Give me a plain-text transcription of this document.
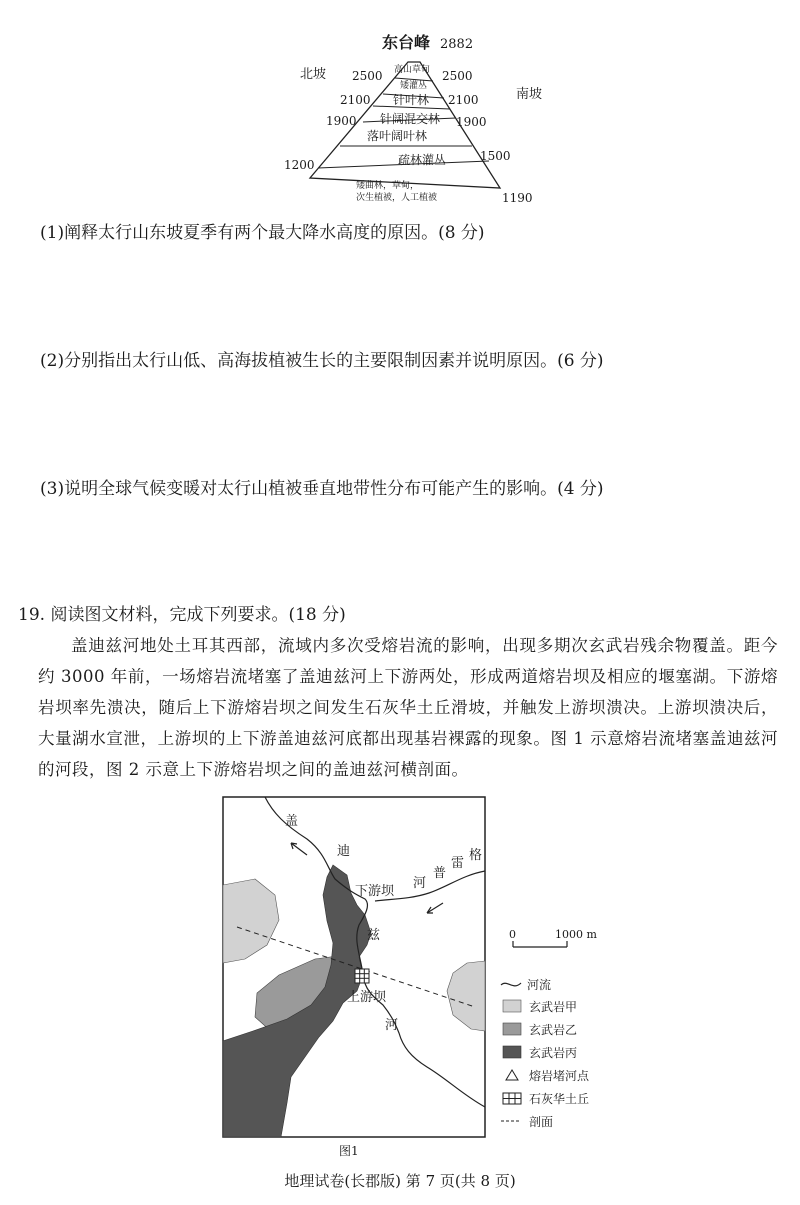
东台峰 2882
北坡
南坡
2500
2100
1900
1200
2500
2100
1900
1500
1190
高山草甸
矮灌丛
针叶林
针阔混交林
落叶阔叶林
疏林灌丛
矮曲林，草甸，
次生植被，人工植被
(1)阐释太行山东坡夏季有两个最大降水高度的原因。(8 分)
(2)分别指出太行山低、高海拔植被生长的主要限制因素并说明原因。(6 分)
(3)说明全球气候变暖对太行山植被垂直地带性分布可能产生的影响。(4 分)
19. 阅读图文材料，完成下列要求。(18 分)
盖迪兹河地处土耳其西部，流域内多次受熔岩流的影响，出现多期次玄武岩残余物覆盖。距今约 3000 年前，一场熔岩流堵塞了盖迪兹河上下游两处，形成两道熔岩坝及相应的堰塞湖。下游熔岩坝率先溃决，随后上下游熔岩坝之间发生石灰华土丘滑坡，并触发上游坝溃决。上游坝溃决后，大量湖水宣泄，上游坝的上下游盖迪兹河底都出现基岩裸露的现象。图 1 示意熔岩流堵塞盖迪兹河的河段，图 2 示意上下游熔岩坝之间的盖迪兹河横剖面。
盖
迪
兹
河
格
雷
普
河
下游坝
上游坝
图1
0	1000 m
河流
玄武岩甲
玄武岩乙
玄武岩丙
熔岩堵河点
石灰华土丘
剖面
地理试卷(长郡版) 第 7 页(共 8 页)
